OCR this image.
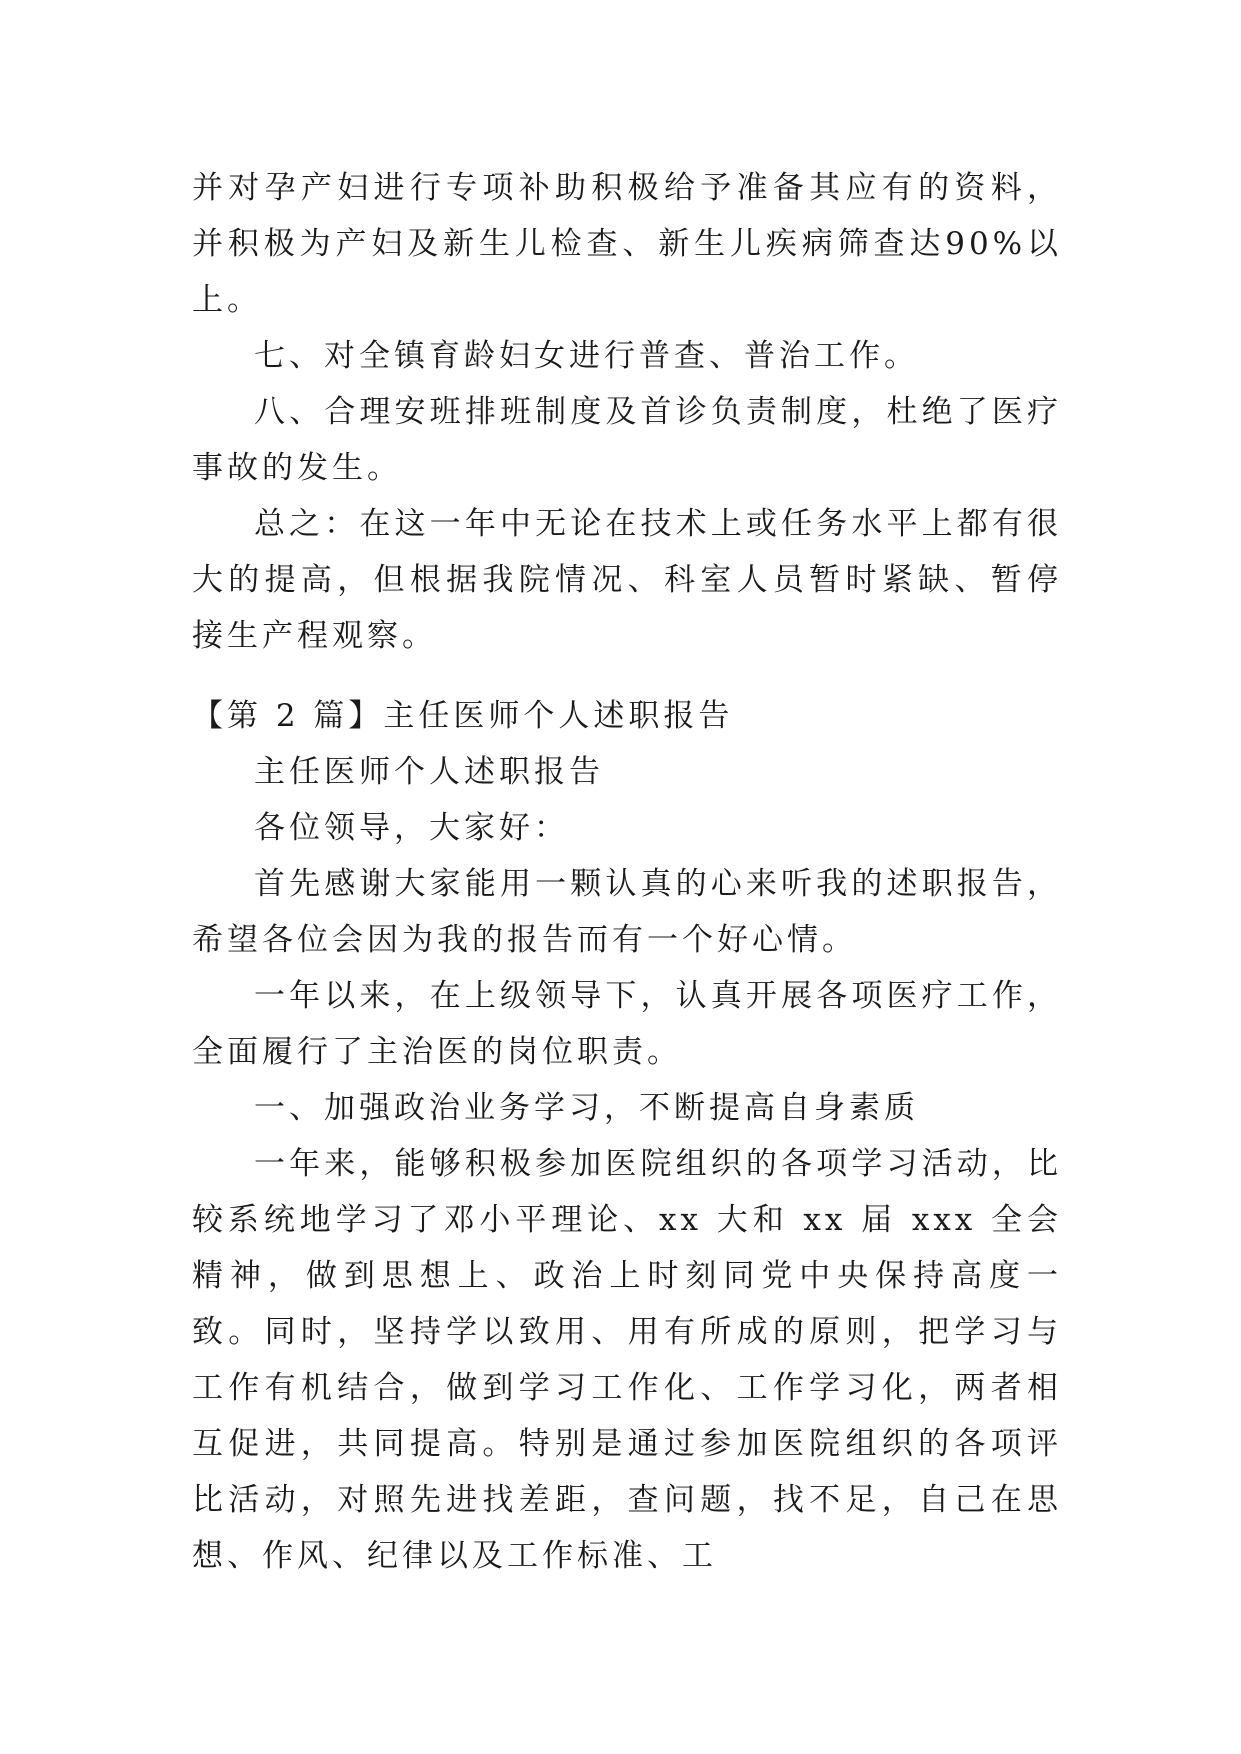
并对孕产妇进行专项补助积极给予准备其应有的资料，并积极为产妇及新生儿检查、新生儿疾病筛查达90%以上。

七、对全镇育龄妇女进行普查、普治工作。

八、合理安班排班制度及首诊负责制度，杜绝了医疗事故的发生。

总之：在这一年中无论在技术上或任务水平上都有很大的提高，但根据我院情况、科室人员暂时紧缺、暂停接生产程观察。

【第 2 篇】主任医师个人述职报告

主任医师个人述职报告

各位领导，大家好：

首先感谢大家能用一颗认真的心来听我的述职报告，希望各位会因为我的报告而有一个好心情。

一年以来，在上级领导下，认真开展各项医疗工作，全面履行了主治医的岗位职责。

一、加强政治业务学习，不断提高自身素质

一年来，能够积极参加医院组织的各项学习活动，比较系统地学习了邓小平理论、xx 大和 xx 届 xxx 全会精神，做到思想上、政治上时刻同党中央保持高度一致。同时，坚持学以致用、用有所成的原则，把学习与工作有机结合，做到学习工作化、工作学习化，两者相互促进，共同提高。特别是通过参加医院组织的各项评比活动，对照先进找差距，查问题，找不足，自己在思想、作风、纪律以及工作标准、工
